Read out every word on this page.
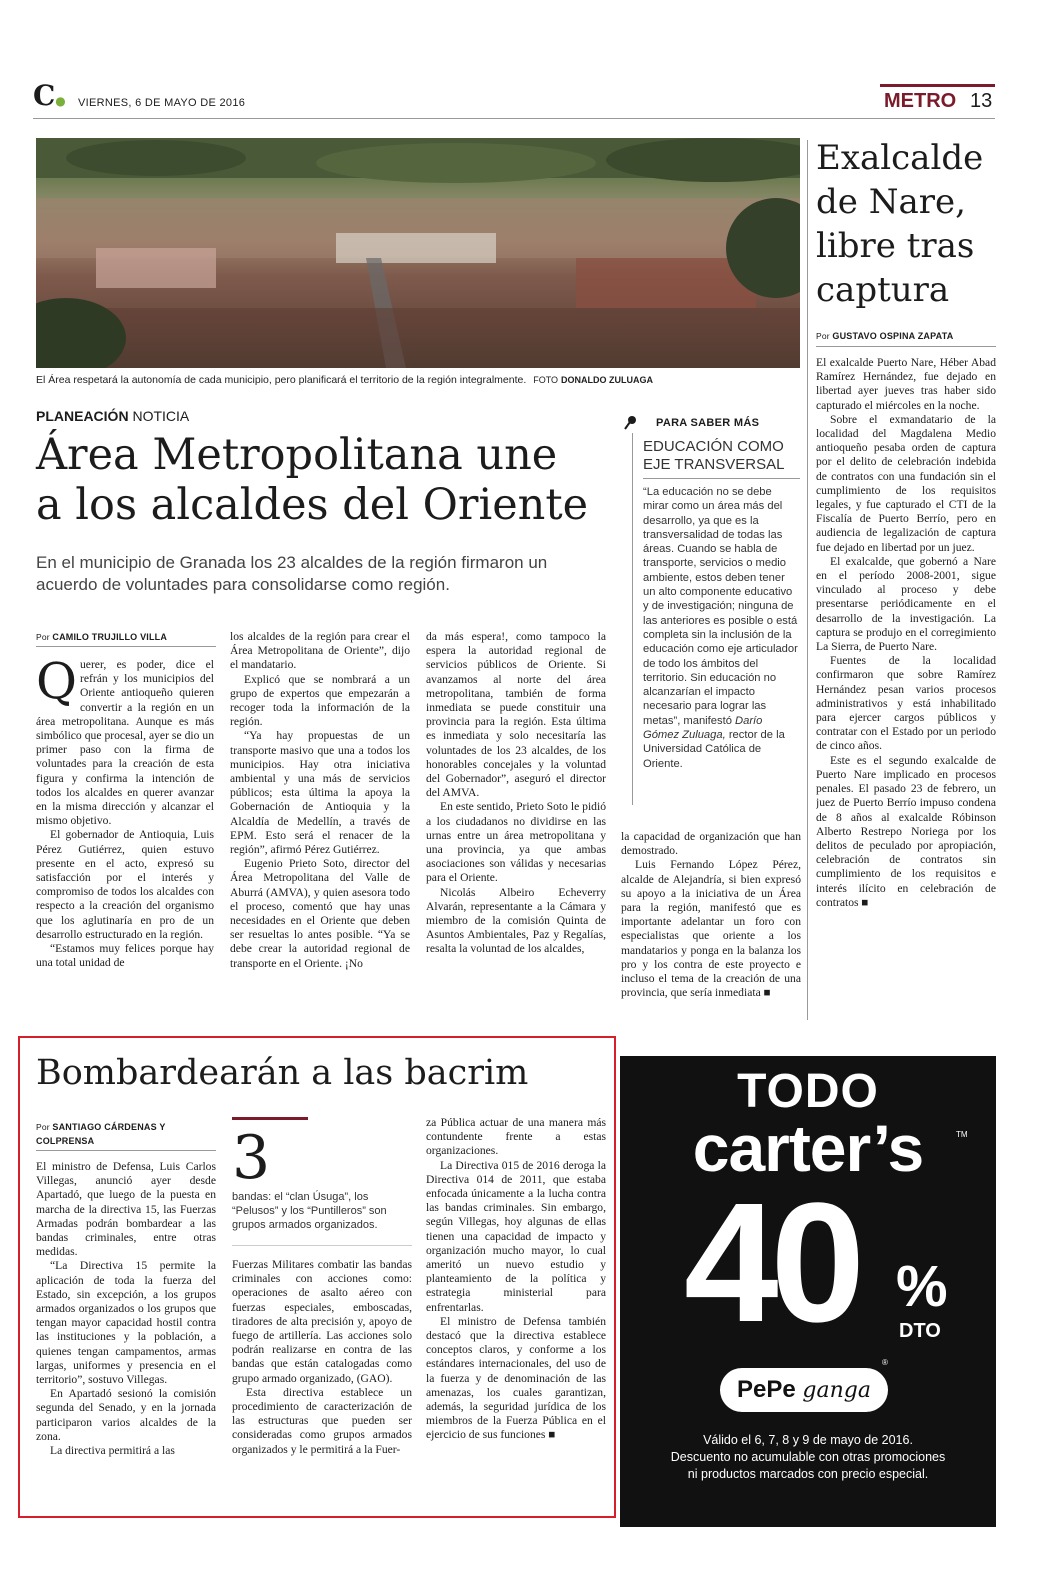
C● VIERNES, 6 DE MAYO DE 2016	METRO 13
El Área respetará la autonomía de cada municipio, pero planificará el territorio de la región integralmente. FOTO DONALDO ZULUAGA
PLANEACIÓN NOTICIA
Área Metropolitana une a los alcaldes del Oriente
En el municipio de Granada los 23 alcaldes de la región firmaron un acuerdo de voluntades para consolidarse como región.
Por CAMILO TRUJILLO VILLA

Querer, es poder, dice el refrán y los municipios del Oriente antioqueño quieren convertir a la región en un área metropolitana. Aunque es más simbólico que procesal, ayer se dio un primer paso con la firma de voluntades para la creación de esta figura y confirma la intención de todos los alcaldes en querer avanzar en la misma dirección y alcanzar el mismo objetivo.

El gobernador de Antioquia, Luis Pérez Gutiérrez, quien estuvo presente en el acto, expresó su satisfacción por el interés y compromiso de todos los alcaldes con respecto a la creación del organismo que los aglutinaría en pro de un desarrollo estructurado en la región.

“Estamos muy felices porque hay una total unidad de

los alcaldes de la región para crear el Área Metropolitana de Oriente”, dijo el mandatario.

Explicó que se nombrará a un grupo de expertos que empezarán a recoger toda la información de la región.

“Ya hay propuestas de un transporte masivo que una a todos los municipios. Hay otra iniciativa ambiental y una más de servicios públicos; esta última la apoya la Gobernación de Antioquia y la Alcaldía de Medellín, a través de EPM. Esto será el renacer de la región”, afirmó Pérez Gutiérrez.

Eugenio Prieto Soto, director del Área Metropolitana del Valle de Aburrá (AMVA), y quien asesora todo el proceso, comentó que hay unas necesidades en el Oriente que deben ser resueltas lo antes posible. “Ya se debe crear la autoridad regional de transporte en el Oriente. ¡No

da más espera!, como tampoco la espera la autoridad regional de servicios públicos de Oriente. Si avanzamos al norte del área metropolitana, también de forma inmediata se puede constituir una provincia para la región. Esta última es inmediata y solo necesitaría las voluntades de los 23 alcaldes, de los honorables concejales y la voluntad del Gobernador”, aseguró el director del AMVA.

En este sentido, Prieto Soto le pidió a los ciudadanos no dividirse en las urnas entre un área metropolitana y una provincia, ya que ambas asociaciones son válidas y necesarias para el Oriente.

Nicolás Albeiro Echeverry Alvarán, representante a la Cámara y miembro de la comisión Quinta de Asuntos Ambientales, Paz y Regalías, resalta la voluntad de los alcaldes,

la capacidad de organización que han demostrado.

Luis Fernando López Pérez, alcalde de Alejandría, si bien expresó su apoyo a la iniciativa de un Área para la región, manifestó que es importante adelantar un foro con especialistas que oriente a los mandatarios y ponga en la balanza los pro y los contra de este proyecto e incluso el tema de la creación de una provincia, que sería inmediata ■

PARA SABER MÁS
EDUCACIÓN COMO EJE TRANSVERSAL
“La educación no se debe mirar como un área más del desarrollo, ya que es la transversalidad de todas las áreas. Cuando se habla de transporte, servicios o medio ambiente, estos deben tener un alto componente educativo y de investigación; ninguna de las anteriores es posible o está completa sin la inclusión de la educación como eje articulador de todo los ámbitos del territorio. Sin educación no alcanzarían el impacto necesario para lograr las metas”, manifestó Darío Gómez Zuluaga, rector de la Universidad Católica de Oriente.
Exalcalde de Nare, libre tras captura
Por GUSTAVO OSPINA ZAPATA

El exalcalde Puerto Nare, Héber Abad Ramírez Hernández, fue dejado en libertad ayer jueves tras haber sido capturado el miércoles en la noche.

Sobre el exmandatario de la localidad del Magdalena Medio antioqueño pesaba orden de captura por el delito de celebración indebida de contratos con una fundación sin el cumplimiento de los requisitos legales, y fue capturado el CTI de la Fiscalía de Puerto Berrío, pero en audiencia de legalización de captura fue dejado en libertad por un juez.

El exalcalde, que gobernó a Nare en el período 2008-2001, sigue vinculado al proceso y debe presentarse periódicamente en el desarrollo de la investigación. La captura se produjo en el corregimiento La Sierra, de Puerto Nare.

Fuentes de la localidad confirmaron que sobre Ramírez Hernández pesan varios procesos administrativos y está inhabilitado para ejercer cargos públicos y contratar con el Estado por un periodo de cinco años.

Este es el segundo exalcalde de Puerto Nare implicado en procesos penales. El pasado 23 de febrero, un juez de Puerto Berrío impuso condena de 8 años al exalcalde Róbinson Alberto Restrepo Noriega por los delitos de peculado por apropiación, celebración de contratos sin cumplimiento de los requisitos e interés ilícito en celebración de contratos ■

Bombardearán a las bacrim
Por SANTIAGO CÁRDENAS Y COLPRENSA

El ministro de Defensa, Luis Carlos Villegas, anunció ayer desde Apartadó, que luego de la puesta en marcha de la directiva 15, las Fuerzas Armadas podrán bombardear a las bandas criminales, entre otras medidas.

“La Directiva 15 permite la aplicación de toda la fuerza del Estado, sin excepción, a los grupos armados organizados o los grupos que tengan mayor capacidad hostil contra las instituciones y la población, a quienes tengan campamentos, armas largas, uniformes y presencia en el territorio”, sostuvo Villegas.

En Apartadó sesionó la comisión segunda del Senado, y en la jornada participaron varios alcaldes de la zona.

La directiva permitirá a las

3
bandas: el “clan Úsuga”, los “Pelusos” y los “Puntilleros” son grupos armados organizados.

Fuerzas Militares combatir las bandas criminales con acciones como: operaciones de asalto aéreo con fuerzas especiales, emboscadas, tiradores de alta precisión y, apoyo de fuego de artillería. Las acciones solo podrán realizarse en contra de las bandas que están catalogadas como grupo armado organizado, (GAO).

Esta directiva establece un procedimiento de caracterización de las estructuras que pueden ser consideradas como grupos armados organizados y le permitirá a la Fuer-

za Pública actuar de una manera más contundente frente a estas organizaciones.

La Directiva 015 de 2016 deroga la Directiva 014 de 2011, que estaba enfocada únicamente a la lucha contra las bandas criminales. Sin embargo, según Villegas, hoy algunas de ellas tienen una capacidad de impacto y organización mucho mayor, lo cual ameritó un nuevo estudio y planteamiento de la política y estrategia ministerial para enfrentarlas.

El ministro de Defensa también destacó que la directiva establece conceptos claros, y conforme a los estándares internacionales, del uso de la fuerza y de denominación de las amenazas, los cuales garantizan, además, la seguridad jurídica de los miembros de la Fuerza Pública en el ejercicio de sus funciones ■

TODO
carter’s	TM
40 %
DTO
PePe ganga
®
Válido el 6, 7, 8 y 9 de mayo de 2016.
Descuento no acumulable con otras promociones
ni productos marcados con precio especial.
